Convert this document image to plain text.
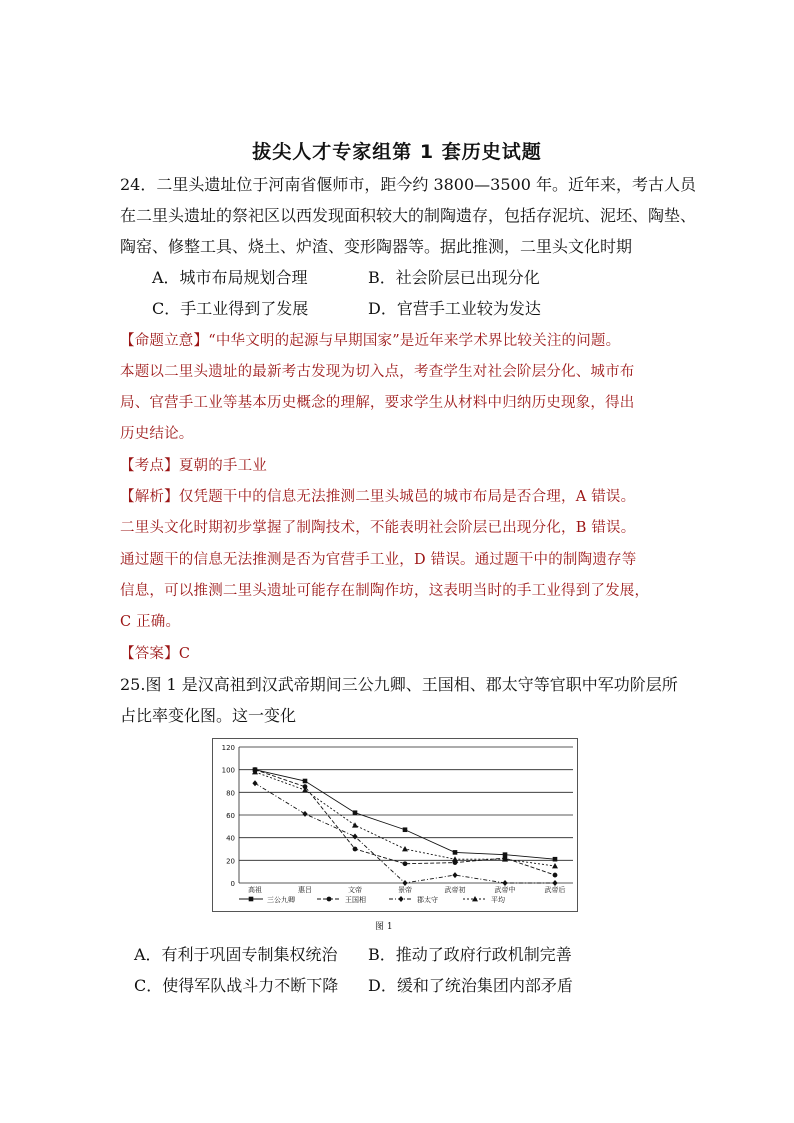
拔尖人才专家组第 1 套历史试题
24．二里头遗址位于河南省偃师市，距今约 3800—3500 年。近年来，考古人员
在二里头遗址的祭祀区以西发现面积较大的制陶遗存，包括存泥坑、泥坯、陶垫、
陶窑、修整工具、烧土、炉渣、变形陶器等。据此推测，二里头文化时期
A．城市布局规划合理	B．社会阶层已出现分化
C．手工业得到了发展	D．官营手工业较为发达
【命题立意】“中华文明的起源与早期国家”是近年来学术界比较关注的问题。
本题以二里头遗址的最新考古发现为切入点，考查学生对社会阶层分化、城市布
局、官营手工业等基本历史概念的理解，要求学生从材料中归纳历史现象，得出
历史结论。
【考点】夏朝的手工业
【解析】仅凭题干中的信息无法推测二里头城邑的城市布局是否合理，A 错误。
二里头文化时期初步掌握了制陶技术，不能表明社会阶层已出现分化，B 错误。
通过题干的信息无法推测是否为官营手工业，D 错误。通过题干中的制陶遗存等
信息，可以推测二里头遗址可能存在制陶作坊，这表明当时的手工业得到了发展，
C 正确。
【答案】C
25.图 1 是汉高祖到汉武帝期间三公九卿、王国相、郡太守等官职中军功阶层所
占比率变化图。这一变化
0
20
40
60
80
100
120
高祖	惠吕	文帝	景帝	武帝初	武帝中	武帝后
三公九卿	王国相	郡太守	平均
图 1
A．有利于巩固专制集权统治 B．推动了政府行政机制完善
C．使得军队战斗力不断下降 D．缓和了统治集团内部矛盾
